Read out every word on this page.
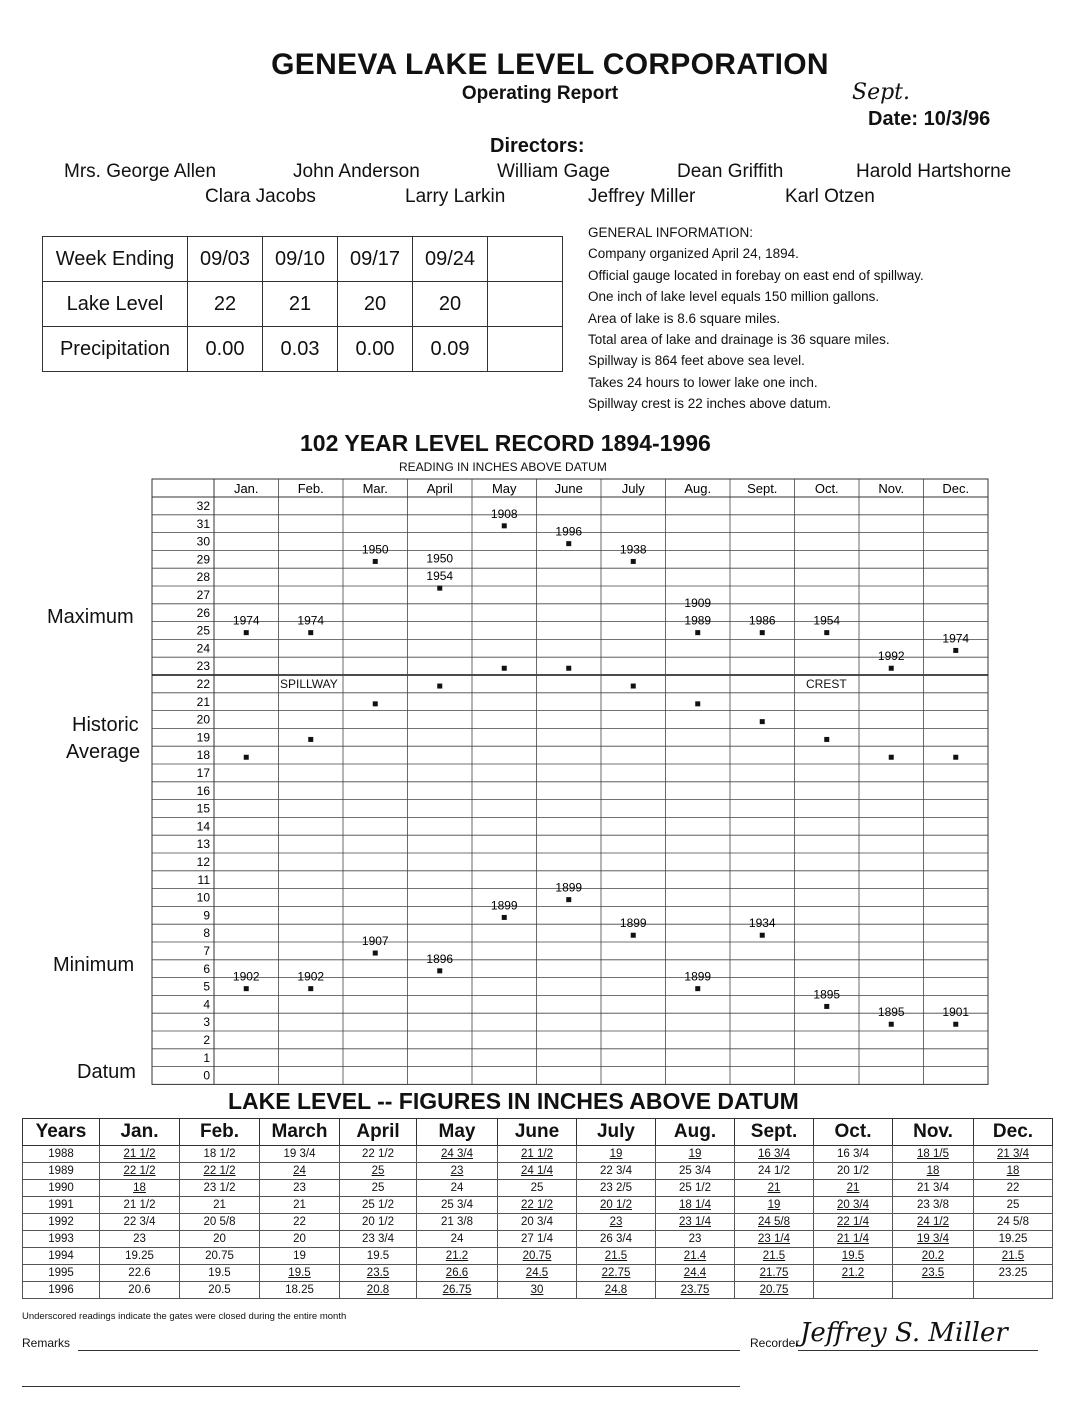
GENEVA LAKE LEVEL CORPORATION
Operating Report	Sept.
Date: 10/3/96
Directors:
Mrs. George Allen	John Anderson	William Gage	Dean Griffith	Harold Hartshorne
Clara Jacobs	Larry Larkin	Jeffrey Miller	Karl Otzen
Week Ending	09/03	09/10	09/17	09/24	
Lake Level	22	21	20	20	
Precipitation	0.00	0.03	0.00	0.09	
GENERAL INFORMATION:
Company organized April 24, 1894.
Official gauge located in forebay on east end of spillway.
One inch of lake level equals 150 million gallons.
Area of lake is 8.6 square miles.
Total area of lake and drainage is 36 square miles.
Spillway is 864 feet above sea level.
Takes 24 hours to lower lake one inch.
Spillway crest is 22 inches above datum.
102 YEAR LEVEL RECORD 1894-1996
READING IN INCHES ABOVE DATUM
Maximum
Historic
Average
Minimum
Datum
Jan.	Feb.	Mar.	April	May	June	July	Aug.	Sept.	Oct.	Nov.	Dec.
32
31
30
29
28
27
26
25
24
23
22
21
20
19
18
17
16
15
14
13
12
11
10
9
8
7
6
5
4
3
2
1
0
1974	1974
1950
1950
1954
1908
1996
1938
1909
1989	1986	1954
1992
1974
1902	1902
1907
1896
1899
1899
1899
1899
1934
1895
1895	1901
SPILLWAY	CREST
LAKE LEVEL -- FIGURES IN INCHES ABOVE DATUM
Years	Jan.	Feb.	March	April	May	June	July	Aug.	Sept.	Oct.	Nov.	Dec.
1988	21 1/2	18 1/2	19 3/4	22 1/2	24 3/4	21 1/2	19	19	16 3/4	16 3/4	18 1/5	21 3/4
1989	22 1/2	22 1/2	24	25	23	24 1/4	22 3/4	25 3/4	24 1/2	20 1/2	18	18
1990	18	23 1/2	23	25	24	25	23 2/5	25 1/2	21	21	21 3/4	22
1991	21 1/2	21	21	25 1/2	25 3/4	22 1/2	20 1/2	18 1/4	19	20 3/4	23 3/8	25
1992	22 3/4	20 5/8	22	20 1/2	21 3/8	20 3/4	23	23 1/4	24 5/8	22 1/4	24 1/2	24 5/8
1993	23	20	20	23 3/4	24	27 1/4	26 3/4	23	23 1/4	21 1/4	19 3/4	19.25
1994	19.25	20.75	19	19.5	21.2	20.75	21.5	21.4	21.5	19.5	20.2	21.5
1995	22.6	19.5	19.5	23.5	26.6	24.5	22.75	24.4	21.75	21.2	23.5	23.25
1996	20.6	20.5	18.25	20.8	26.75	30	24.8	23.75	20.75			
Underscored readings indicate the gates were closed during the entire month
Remarks	Recorder Jeffrey S. Miller
